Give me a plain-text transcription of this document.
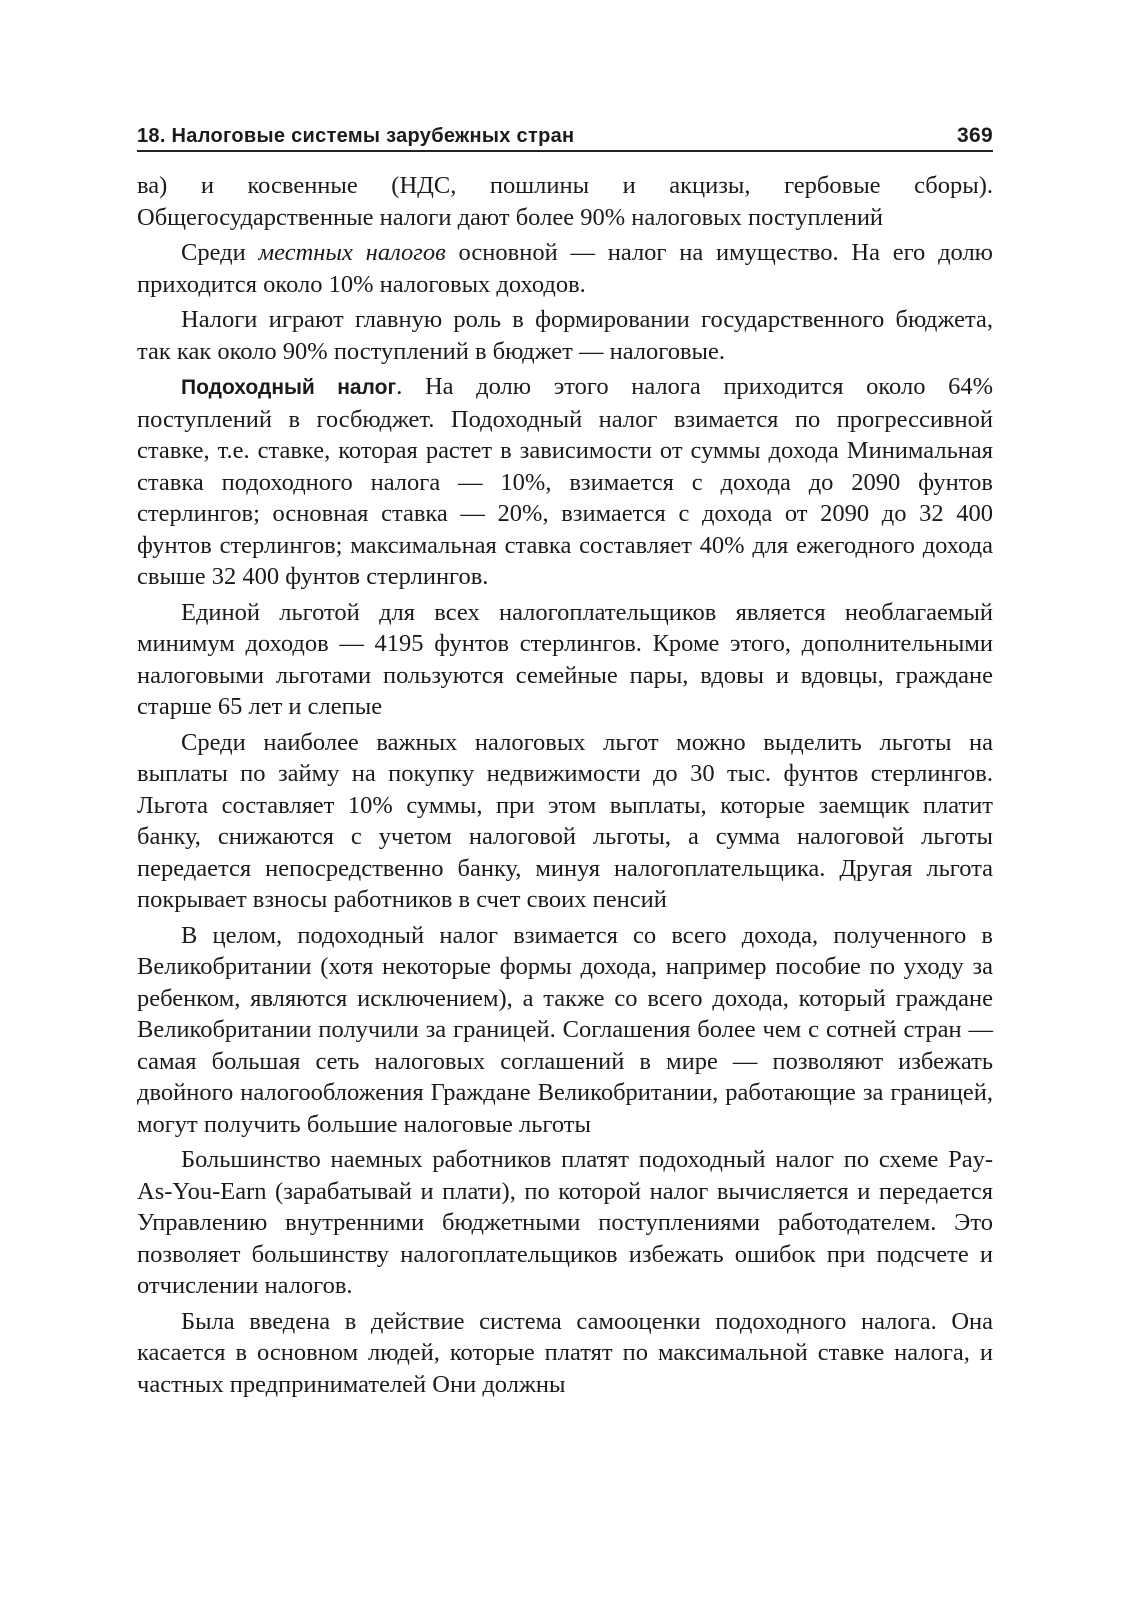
18. Налоговые системы зарубежных стран	369

ва) и косвенные (НДС, пошлины и акцизы, гербовые сборы). Общегосударственные налоги дают более 90% налоговых поступлений

Среди местных налогов основной — налог на имущество. На его долю приходится около 10% налоговых доходов.

Налоги играют главную роль в формировании государственного бюджета, так как около 90% поступлений в бюджет — налоговые.

Подоходный налог. На долю этого налога приходится около 64% поступлений в госбюджет. Подоходный налог взимается по прогрессивной ставке, т.е. ставке, которая растет в зависимости от суммы дохода Минимальная ставка подоходного налога — 10%, взимается с дохода до 2090 фунтов стерлингов; основная ставка — 20%, взимается с дохода от 2090 до 32 400 фунтов стерлингов; максимальная ставка составляет 40% для ежегодного дохода свыше 32 400 фунтов стерлингов.

Единой льготой для всех налогоплательщиков является необлагаемый минимум доходов — 4195 фунтов стерлингов. Кроме этого, дополнительными налоговыми льготами пользуются семейные пары, вдовы и вдовцы, граждане старше 65 лет и слепые

Среди наиболее важных налоговых льгот можно выделить льготы на выплаты по займу на покупку недвижимости до 30 тыс. фунтов стерлингов. Льгота составляет 10% суммы, при этом выплаты, которые заемщик платит банку, снижаются с учетом налоговой льготы, а сумма налоговой льготы передается непосредственно банку, минуя налогоплательщика. Другая льгота покрывает взносы работников в счет своих пенсий

В целом, подоходный налог взимается со всего дохода, полученного в Великобритании (хотя некоторые формы дохода, например пособие по уходу за ребенком, являются исключением), а также со всего дохода, который граждане Великобритании получили за границей. Соглашения более чем с сотней стран — самая большая сеть налоговых соглашений в мире — позволяют избежать двойного налогообложения Граждане Великобритании, работающие за границей, могут получить большие налоговые льготы

Большинство наемных работников платят подоходный налог по схеме Pay-As-You-Earn (зарабатывай и плати), по которой налог вычисляется и передается Управлению внутренними бюджетными поступлениями работодателем. Это позволяет большинству налогоплательщиков избежать ошибок при подсчете и отчислении налогов.

Была введена в действие система самооценки подоходного налога. Она касается в основном людей, которые платят по максимальной ставке налога, и частных предпринимателей Они должны
